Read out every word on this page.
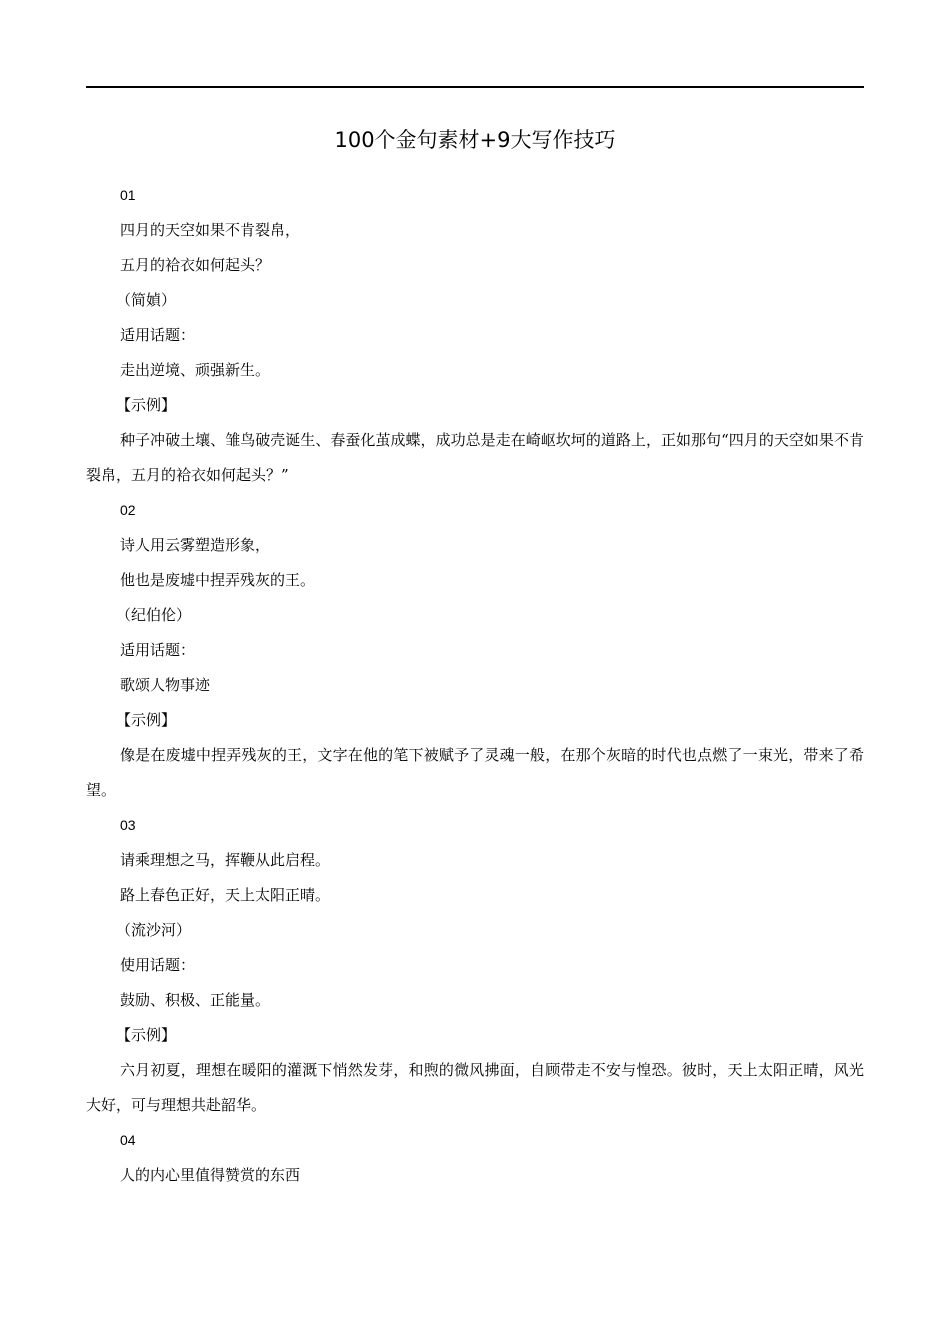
100个金句素材+9大写作技巧
01
四月的天空如果不肯裂帛，
五月的袷衣如何起头？
（简媜）
适用话题：
走出逆境、顽强新生。
【示例】
种子冲破土壤、雏鸟破壳诞生、春蚕化茧成蝶，成功总是走在崎岖坎坷的道路上，正如那句“四月的天空如果不肯裂帛，五月的袷衣如何起头？”
02
诗人用云雾塑造形象，
他也是废墟中捏弄残灰的王。
（纪伯伦）
适用话题：
歌颂人物事迹
【示例】
像是在废墟中捏弄残灰的王，文字在他的笔下被赋予了灵魂一般，在那个灰暗的时代也点燃了一束光，带来了希望。
03
请乘理想之马，挥鞭从此启程。
路上春色正好，天上太阳正晴。
（流沙河）
使用话题：
鼓励、积极、正能量。
【示例】
六月初夏，理想在暖阳的灌溉下悄然发芽，和煦的微风拂面，自顾带走不安与惶恐。彼时，天上太阳正晴，风光大好，可与理想共赴韶华。
04
人的内心里值得赞赏的东西
